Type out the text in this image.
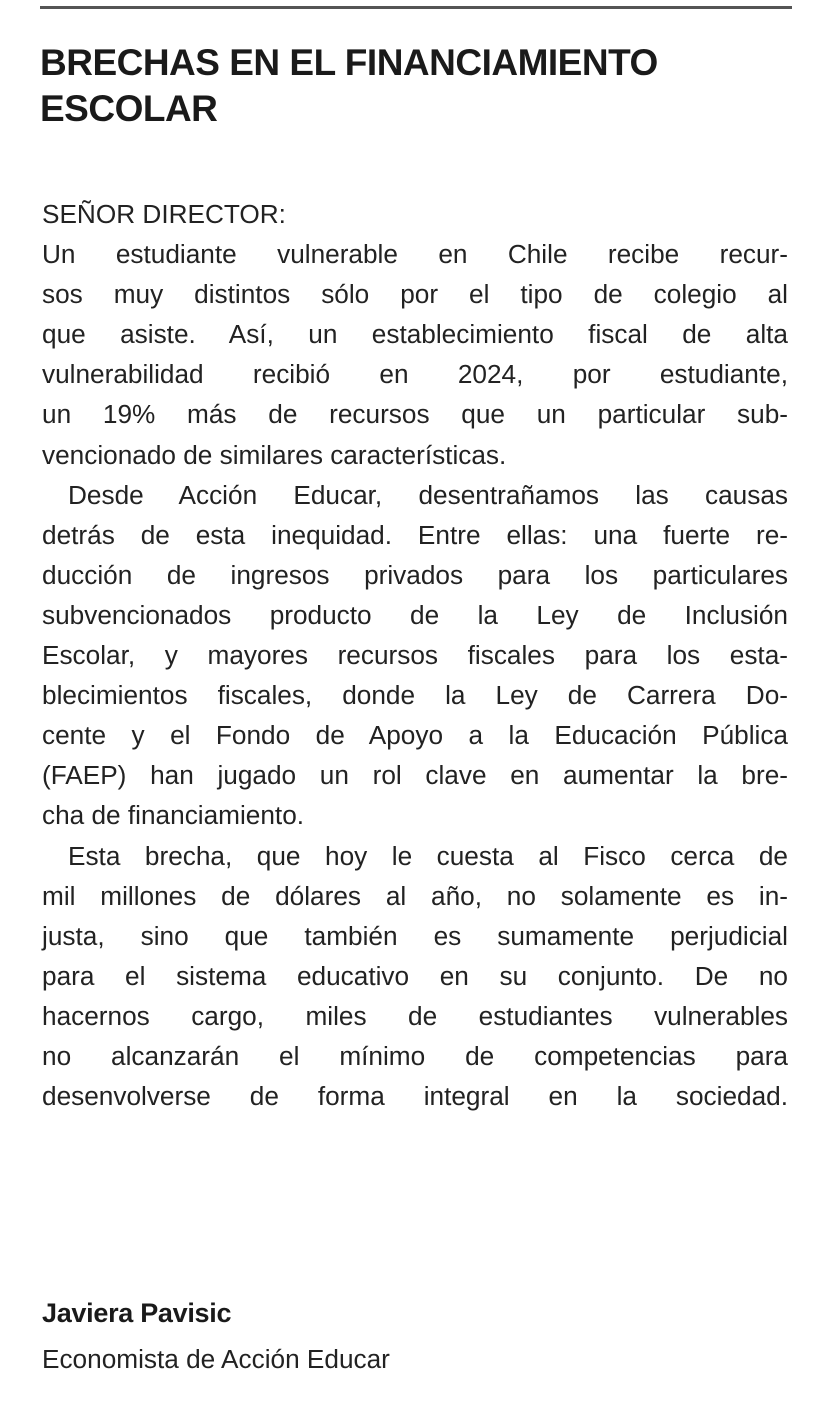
BRECHAS EN EL FINANCIAMIENTO
ESCOLAR
SEÑOR DIRECTOR:
Un estudiante vulnerable en Chile recibe recur-
sos muy distintos sólo por el tipo de colegio al
que asiste. Así, un establecimiento fiscal de alta
vulnerabilidad recibió en 2024, por estudiante,
un 19% más de recursos que un particular sub-
vencionado de similares características.
Desde Acción Educar, desentrañamos las causas
detrás de esta inequidad. Entre ellas: una fuerte re-
ducción de ingresos privados para los particulares
subvencionados producto de la Ley de Inclusión
Escolar, y mayores recursos fiscales para los esta-
blecimientos fiscales, donde la Ley de Carrera Do-
cente y el Fondo de Apoyo a la Educación Pública
(FAEP) han jugado un rol clave en aumentar la bre-
cha de financiamiento.
Esta brecha, que hoy le cuesta al Fisco cerca de
mil millones de dólares al año, no solamente es in-
justa, sino que también es sumamente perjudicial
para el sistema educativo en su conjunto. De no
hacernos cargo, miles de estudiantes vulnerables
no alcanzarán el mínimo de competencias para
desenvolverse de forma integral en la sociedad.
Javiera Pavisic
Economista de Acción Educar
